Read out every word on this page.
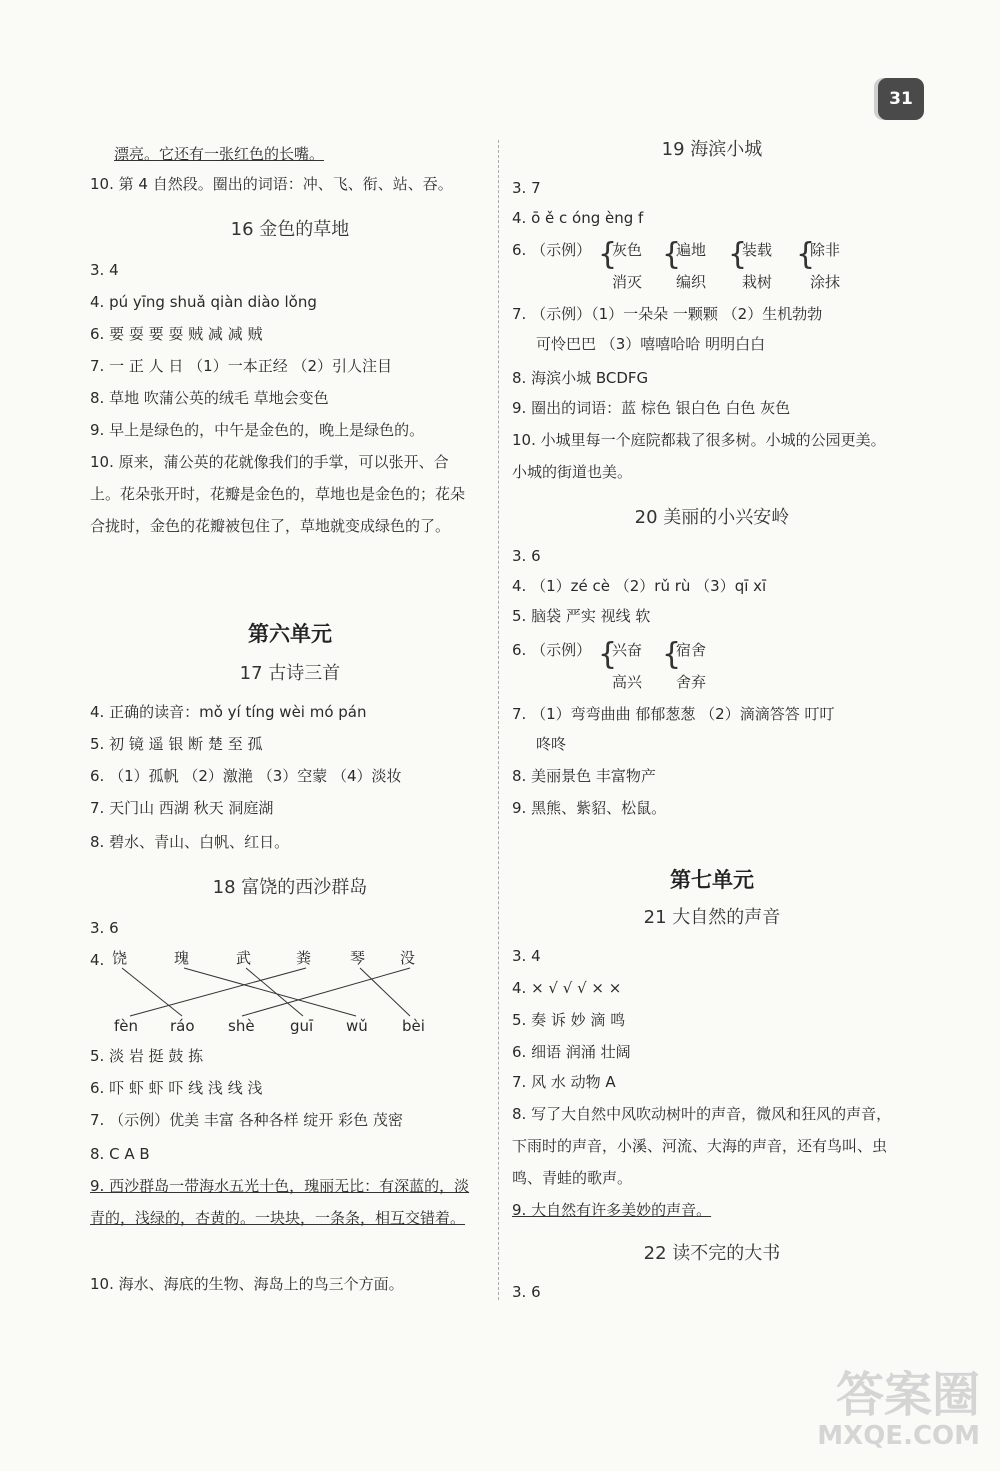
31
漂亮。它还有一张红色的长嘴。
10. 第 4 自然段。圈出的词语：冲、飞、衔、站、吞。
16 金色的草地
3. 4
4. pú yīng shuǎ qiàn diào lǒng
6. 要 耍 要 耍 贼 减 减 贼
7. 一 正 人 日 （1）一本正经 （2）引人注目
8. 草地 吹蒲公英的绒毛 草地会变色
9. 早上是绿色的，中午是金色的，晚上是绿色的。
10. 原来，蒲公英的花就像我们的手掌，可以张开、合上。花朵张开时，花瓣是金色的，草地也是金色的；花朵合拢时，金色的花瓣被包住了，草地就变成绿色的了。
第六单元
17 古诗三首
4. 正确的读音：mǒ yí tíng wèi mó pán
5. 初 镜 遥 银 断 楚 至 孤
6. （1）孤帆 （2）激滟 （3）空蒙 （4）淡妆
7. 天门山 西湖 秋天 洞庭湖
8. 碧水、青山、白帆、红日。
18 富饶的西沙群岛
3. 6
4. 饶	瑰	武	粪	琴 没
fèn ráo shè guī wǔ bèi
5. 淡 岩 挺 鼓 拣
6. 吓 虾 虾 吓 线 浅 线 浅
7. （示例）优美 丰富 各种各样 绽开 彩色 茂密
8. C A B
9. 西沙群岛一带海水五光十色，瑰丽无比：有深蓝的，淡青的，浅绿的，杏黄的。一块块，一条条，相互交错着。
10. 海水、海底的生物、海岛上的鸟三个方面。
19 海滨小城
3. 7
4. ō ě c óng èng f
6. （示例） {
灰色
消灭
{
遍地
编织
{
装载
栽树
{
除非
涂抹
7. （示例）（1）一朵朵 一颗颗 （2）生机勃勃
可怜巴巴 （3）嘻嘻哈哈 明明白白
8. 海滨小城 BCDFG
9. 圈出的词语：蓝 棕色 银白色 白色 灰色
10. 小城里每一个庭院都栽了很多树。小城的公园更美。小城的街道也美。
20 美丽的小兴安岭
3. 6
4. （1）zé cè （2）rǔ rù （3）qī xī
5. 脑袋 严实 视线 软
6. （示例） {
兴奋
高兴
{
宿舍
舍弃
7. （1）弯弯曲曲 郁郁葱葱 （2）滴滴答答 叮叮
咚咚
8. 美丽景色 丰富物产
9. 黑熊、紫貂、松鼠。
第七单元
21 大自然的声音
3. 4
4. × √ √ √ × ×
5. 奏 诉 妙 滴 鸣
6. 细语 润涌 壮阔
7. 风 水 动物 A
8. 写了大自然中风吹动树叶的声音，微风和狂风的声音，下雨时的声音，小溪、河流、大海的声音，还有鸟叫、虫鸣、青蛙的歌声。
9. 大自然有许多美妙的声音。
22 读不完的大书
3. 6
答案圈
MXQE.COM
